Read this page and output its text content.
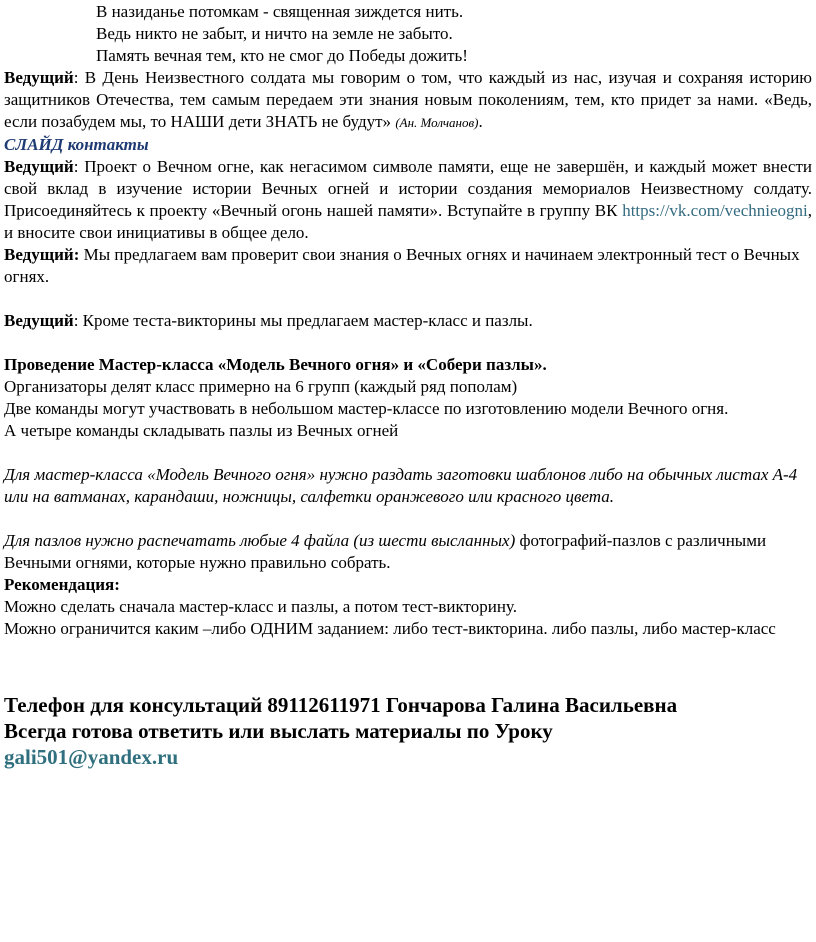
В назиданье потомкам - священная зиждется нить.
Ведь никто не забыт, и ничто на земле не забыто.
Память вечная тем, кто не смог до Победы дожить!

Ведущий: В День Неизвестного солдата мы говорим о том, что каждый из нас, изучая и сохраняя историю защитников Отечества, тем самым передаем эти знания новым поколениям, тем, кто придет за нами. «Ведь, если позабудем мы, то НАШИ дети ЗНАТЬ не будут» (Ан. Молчанов).

СЛАЙД контакты

Ведущий: Проект о Вечном огне, как негасимом символе памяти, еще не завершён, и каждый может внести свой вклад в изучение истории Вечных огней и истории создания мемориалов Неизвестному солдату. Присоединяйтесь к проекту «Вечный огонь нашей памяти». Вступайте в группу ВК https://vk.com/vechnieogni, и вносите свои инициативы в общее дело.

Ведущий: Мы предлагаем вам проверит свои знания о Вечных огнях и начинаем электронный тест о Вечных огнях.

Ведущий: Кроме теста-викторины мы предлагаем мастер-класс и пазлы.

Проведение Мастер-класса «Модель Вечного огня» и «Собери пазлы».

Организаторы делят класс примерно на 6 групп (каждый ряд пополам)

Две команды могут участвовать в небольшом мастер-классе по изготовлению модели Вечного огня.

А четыре команды складывать пазлы из Вечных огней

Для мастер-класса «Модель Вечного огня» нужно раздать заготовки шаблонов либо на обычных листах А-4 или на ватманах, карандаши, ножницы, салфетки оранжевого или красного цвета.

Для пазлов нужно распечатать любые 4 файла (из шести высланных) фотографий-пазлов с различными Вечными огнями, которые нужно правильно собрать.

Рекомендация:

Можно сделать сначала мастер-класс и пазлы, а потом тест-викторину.

Можно ограничится каким –либо ОДНИМ заданием: либо тест-викторина. либо пазлы, либо мастер-класс

Телефон для консультаций 89112611971 Гончарова Галина Васильевна

Всегда готова ответить или выслать материалы по Уроку

gali501@yandex.ru
